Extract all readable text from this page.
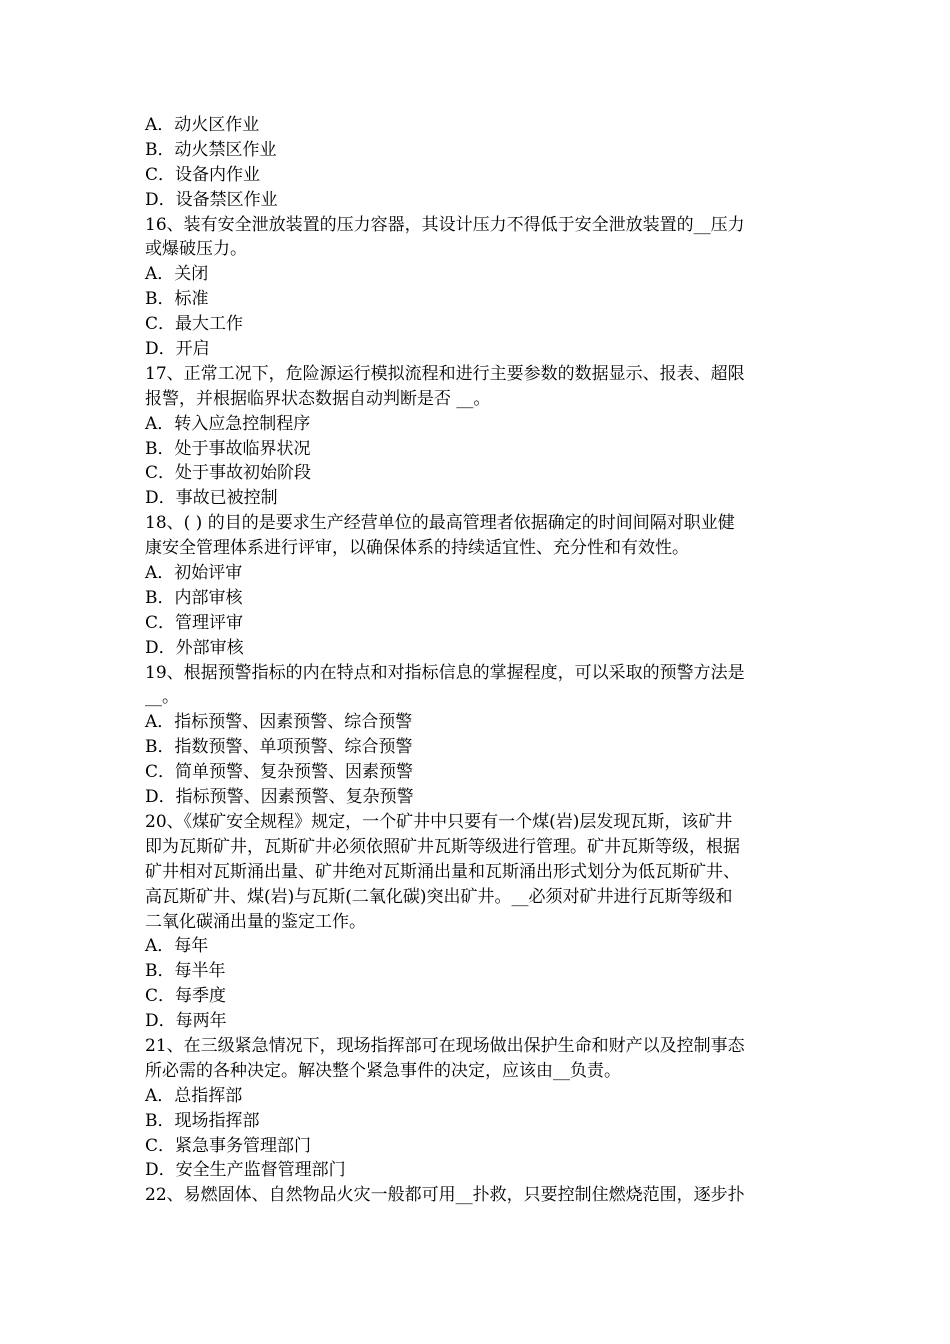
A．动火区作业
B．动火禁区作业
C．设备内作业
D．设备禁区作业
16、装有安全泄放装置的压力容器，其设计压力不得低于安全泄放装置的__压力
或爆破压力。
A．关闭
B．标准
C．最大工作
D．开启
17、正常工况下，危险源运行模拟流程和进行主要参数的数据显示、报表、超限
报警，并根据临界状态数据自动判断是否 __。
A．转入应急控制程序
B．处于事故临界状况
C．处于事故初始阶段
D．事故已被控制
18、( ) 的目的是要求生产经营单位的最高管理者依据确定的时间间隔对职业健
康安全管理体系进行评审，以确保体系的持续适宜性、充分性和有效性。
A．初始评审
B．内部审核
C．管理评审
D．外部审核
19、根据预警指标的内在特点和对指标信息的掌握程度，可以采取的预警方法是
__。
A．指标预警、因素预警、综合预警
B．指数预警、单项预警、综合预警
C．简单预警、复杂预警、因素预警
D．指标预警、因素预警、复杂预警
20、《煤矿安全规程》规定，一个矿井中只要有一个煤(岩)层发现瓦斯，该矿井
即为瓦斯矿井，瓦斯矿井必须依照矿井瓦斯等级进行管理。矿井瓦斯等级，根据
矿井相对瓦斯涌出量、矿井绝对瓦斯涌出量和瓦斯涌出形式划分为低瓦斯矿井、
高瓦斯矿井、煤(岩)与瓦斯(二氧化碳)突出矿井。__必须对矿井进行瓦斯等级和
二氧化碳涌出量的鉴定工作。
A．每年
B．每半年
C．每季度
D．每两年
21、在三级紧急情况下，现场指挥部可在现场做出保护生命和财产以及控制事态
所必需的各种决定。解决整个紧急事件的决定，应该由__负责。
A．总指挥部
B．现场指挥部
C．紧急事务管理部门
D．安全生产监督管理部门
22、易燃固体、自然物品火灾一般都可用__扑救，只要控制住燃烧范围，逐步扑
